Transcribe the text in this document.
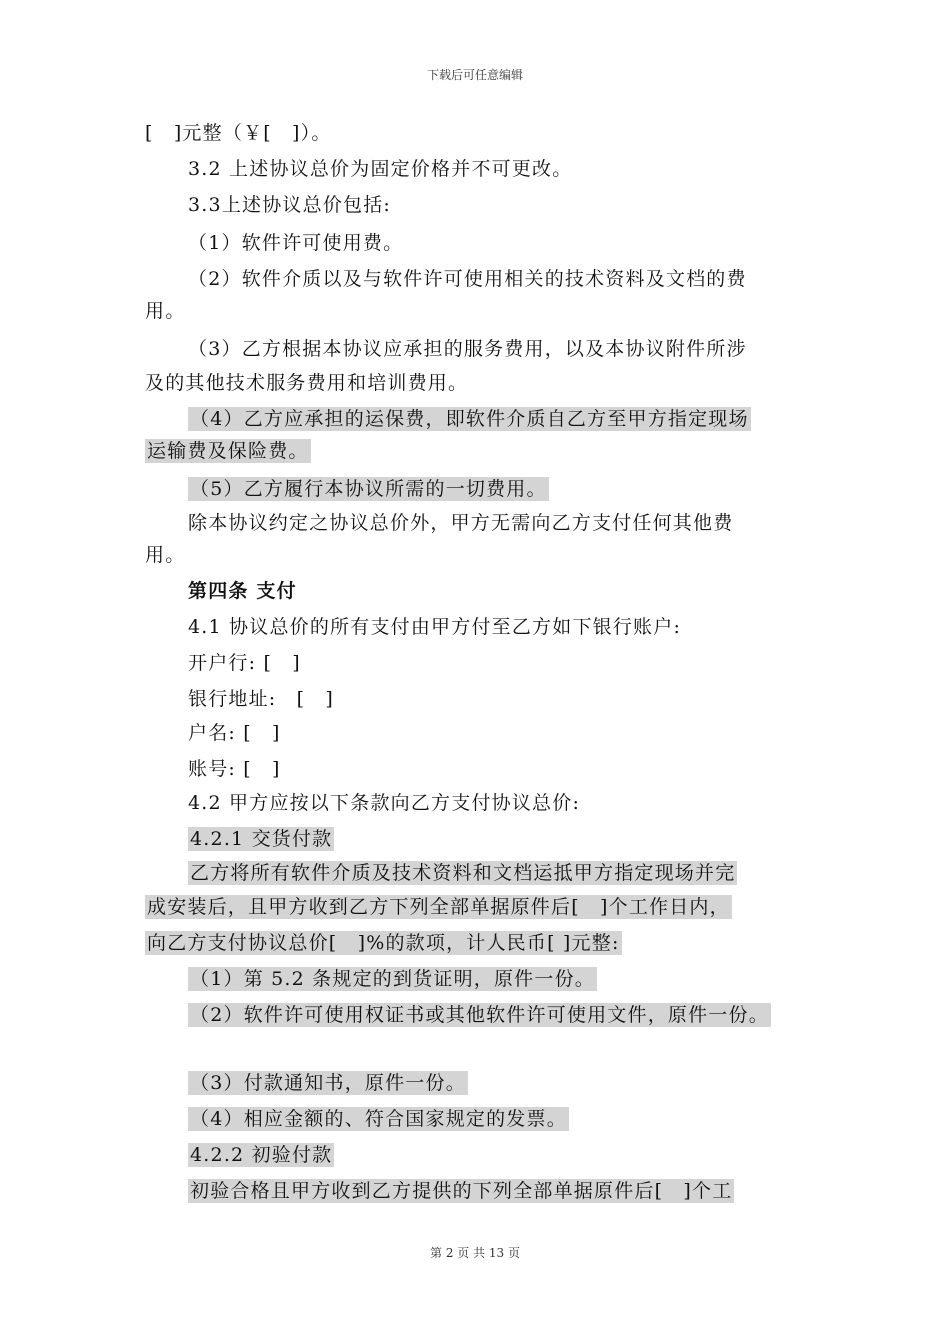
下载后可任意编辑
[　]元整（￥[　]）。
3.2 上述协议总价为固定价格并不可更改。
3.3上述协议总价包括:
（1）软件许可使用费。
（2）软件介质以及与软件许可使用相关的技术资料及文档的费
用。
（3）乙方根据本协议应承担的服务费用，以及本协议附件所涉
及的其他技术服务费用和培训费用。
（4）乙方应承担的运保费，即软件介质自乙方至甲方指定现场
运输费及保险费。
（5）乙方履行本协议所需的一切费用。
除本协议约定之协议总价外，甲方无需向乙方支付任何其他费
用。
第四条 支付
4.1 协议总价的所有支付由甲方付至乙方如下银行账户:
开户行: [　]
银行地址:　[　]
户名: [　]
账号: [　]
4.2 甲方应按以下条款向乙方支付协议总价:
4.2.1 交货付款
乙方将所有软件介质及技术资料和文档运抵甲方指定现场并完
成安装后，且甲方收到乙方下列全部单据原件后[　]个工作日内，
向乙方支付协议总价[　]%的款项，计人民币[ ]元整:
（1）第 5.2 条规定的到货证明，原件一份。
（2）软件许可使用权证书或其他软件许可使用文件，原件一份。
（3）付款通知书，原件一份。
（4）相应金额的、符合国家规定的发票。
4.2.2 初验付款
初验合格且甲方收到乙方提供的下列全部单据原件后[　]个工
第 2 页 共 13 页
